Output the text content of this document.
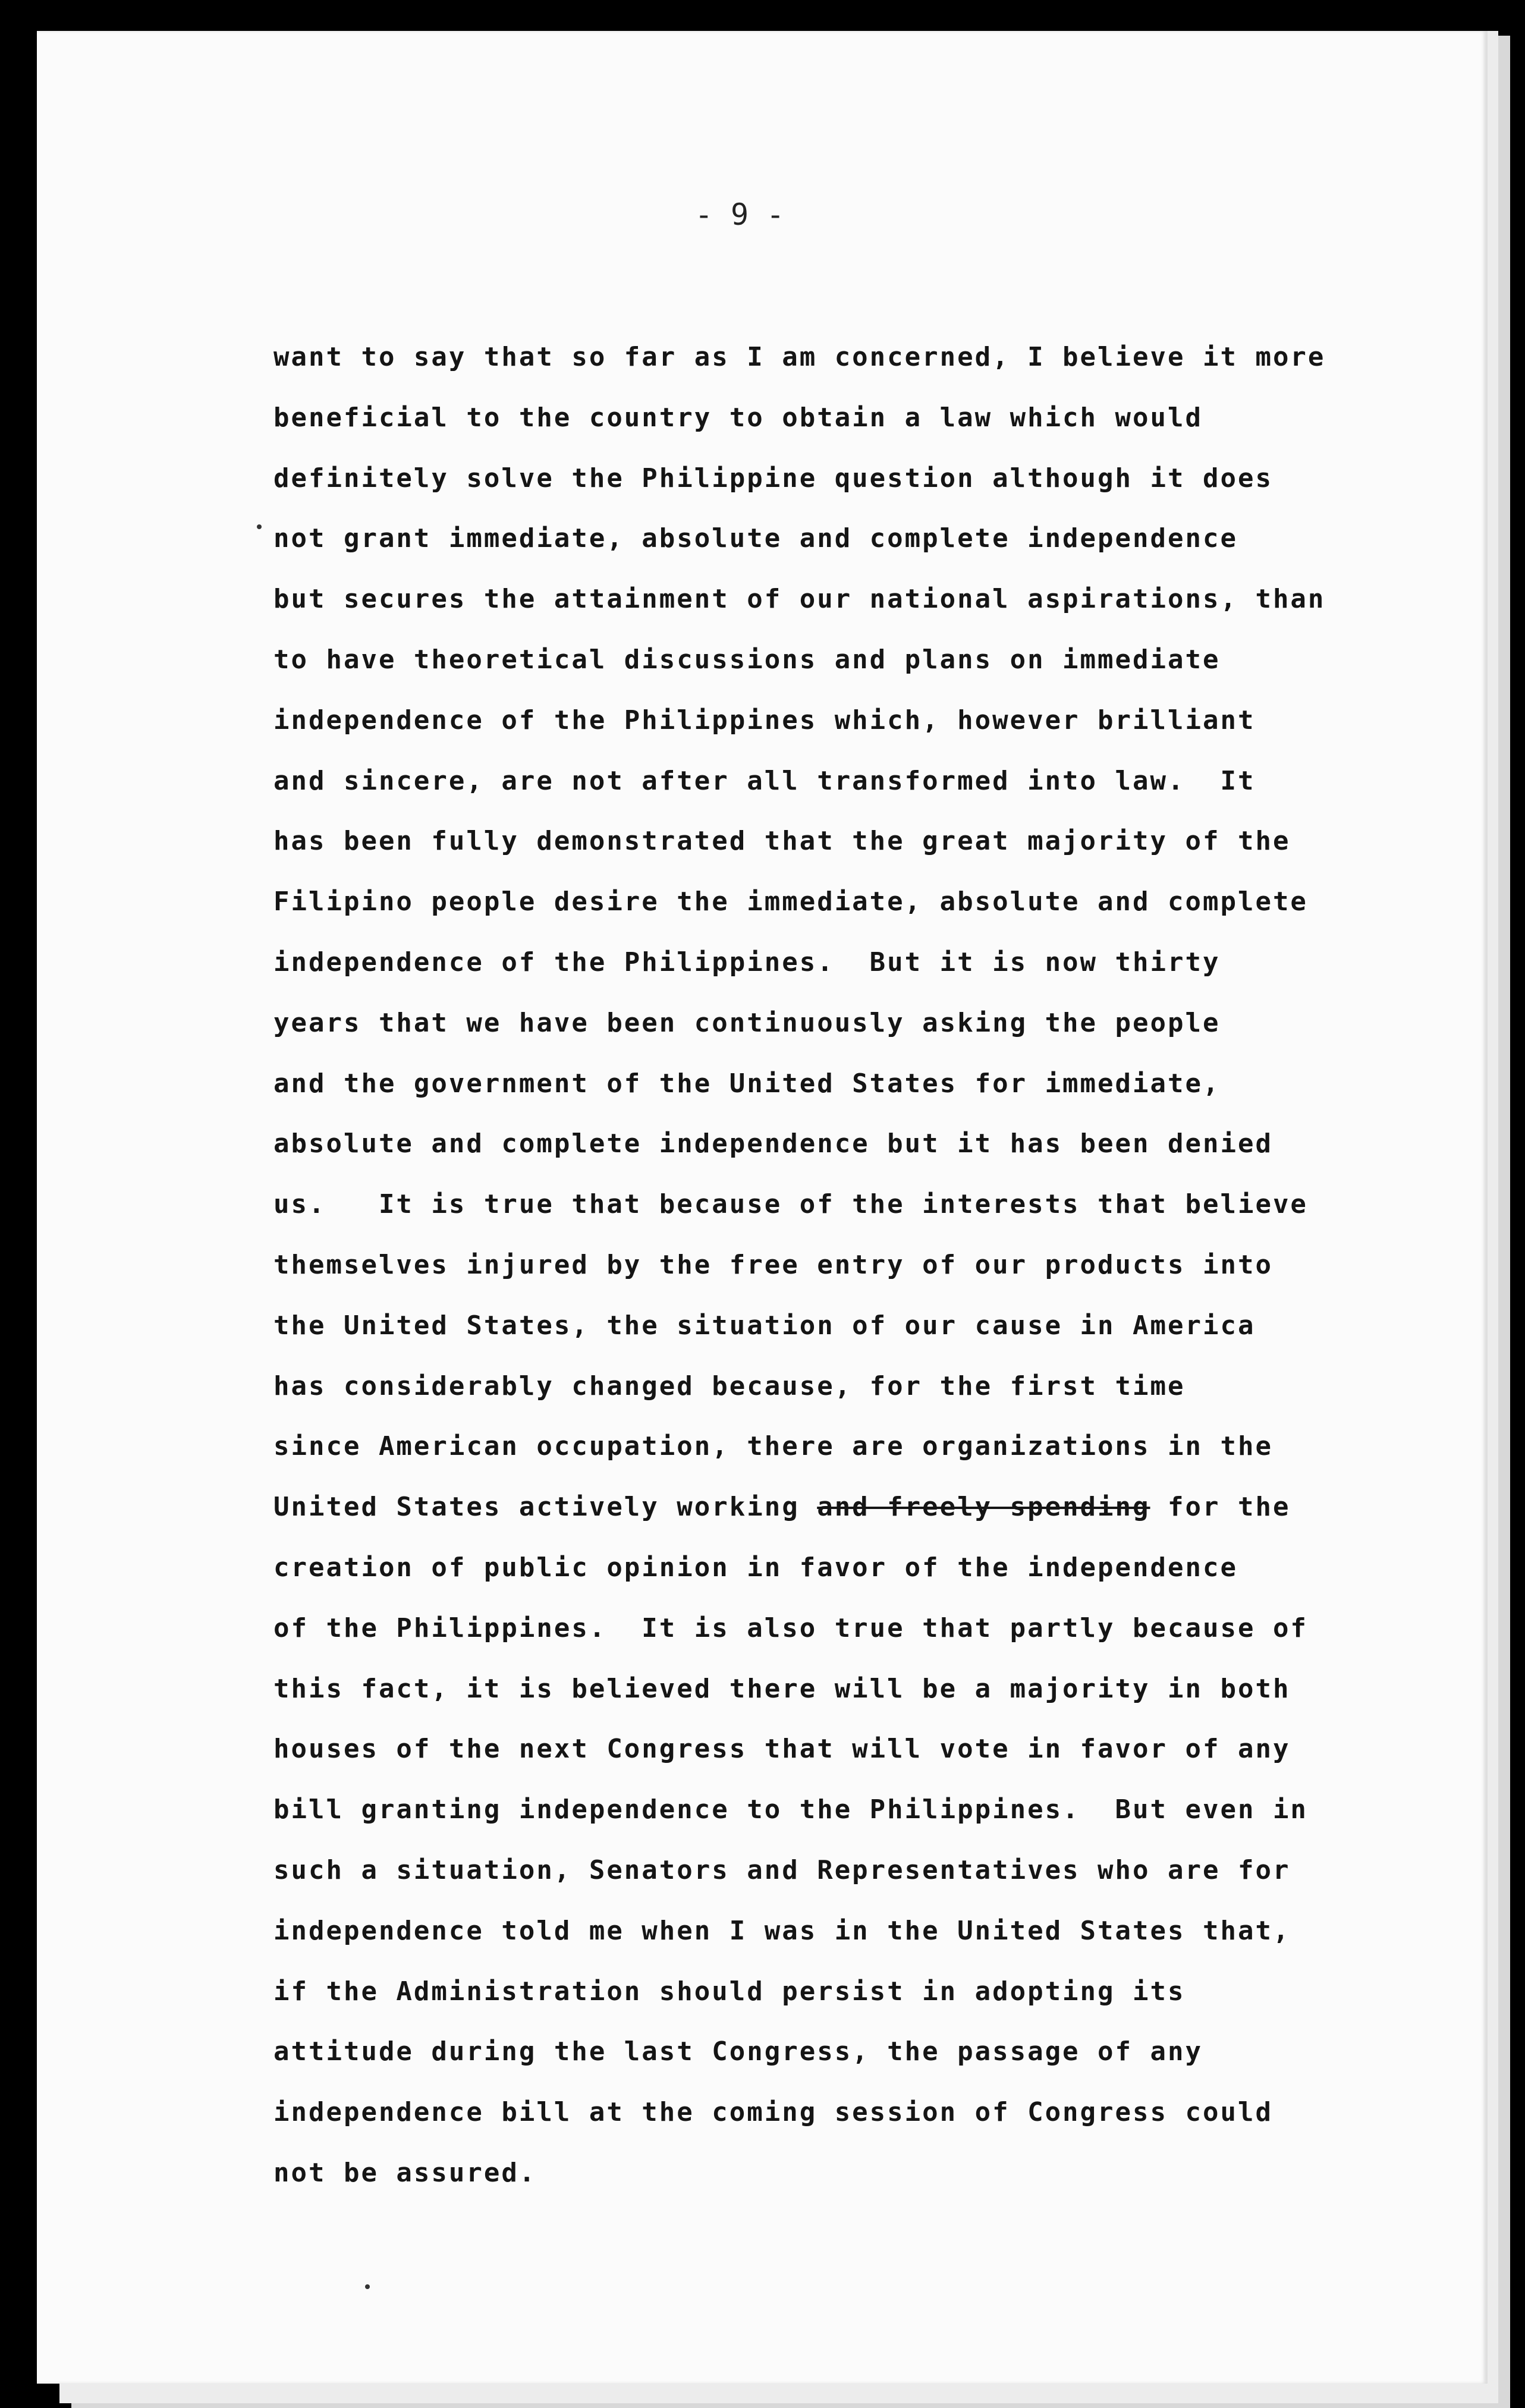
- 9 -
want to say that so far as I am concerned, I believe it more
beneficial to the country to obtain a law which would
definitely solve the Philippine question although it does
not grant immediate, absolute and complete independence
but secures the attainment of our national aspirations, than
to have theoretical discussions and plans on immediate
independence of the Philippines which, however brilliant
and sincere, are not after all transformed into law.  It
has been fully demonstrated that the great majority of the
Filipino people desire the immediate, absolute and complete
independence of the Philippines.  But it is now thirty
years that we have been continuously asking the people
and the government of the United States for immediate,
absolute and complete independence but it has been denied
us.   It is true that because of the interests that believe
themselves injured by the free entry of our products into
the United States, the situation of our cause in America
has considerably changed because, for the first time
since American occupation, there are organizations in the
United States actively working and freely spending for the
creation of public opinion in favor of the independence
of the Philippines.  It is also true that partly because of
this fact, it is believed there will be a majority in both
houses of the next Congress that will vote in favor of any
bill granting independence to the Philippines.  But even in
such a situation, Senators and Representatives who are for
independence told me when I was in the United States that,
if the Administration should persist in adopting its
attitude during the last Congress, the passage of any
independence bill at the coming session of Congress could
not be assured.
